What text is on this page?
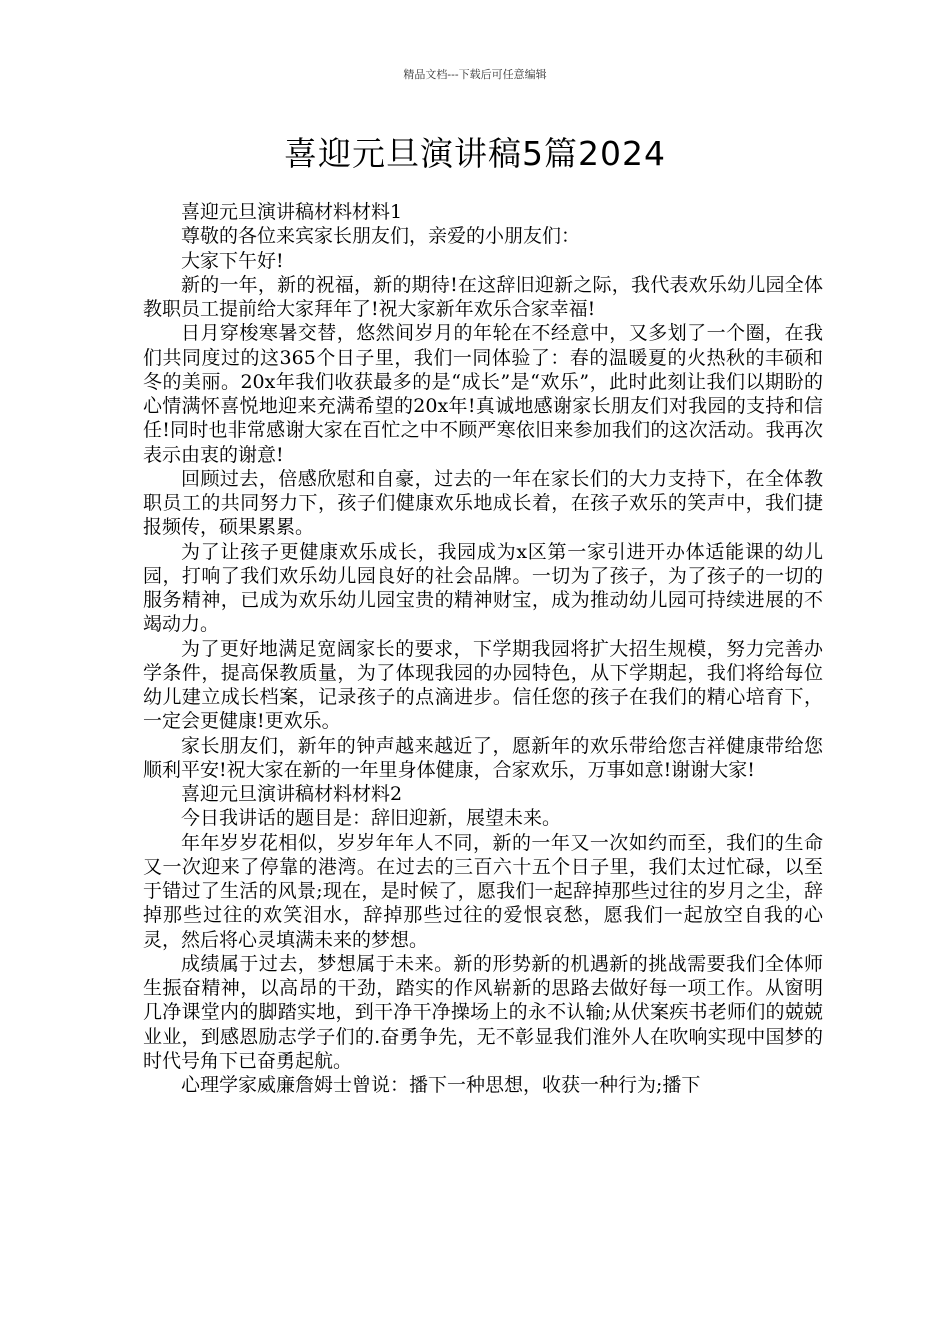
精品文档---下载后可任意编辑
喜迎元旦演讲稿5篇2024

喜迎元旦演讲稿材料材料1

尊敬的各位来宾家长朋友们，亲爱的小朋友们：

大家下午好!

新的一年，新的祝福，新的期待!在这辞旧迎新之际，我代表欢乐幼儿园全体教职员工提前给大家拜年了!祝大家新年欢乐合家幸福!

日月穿梭寒暑交替，悠然间岁月的年轮在不经意中，又多划了一个圈，在我们共同度过的这365个日子里，我们一同体验了：春的温暖夏的火热秋的丰硕和冬的美丽。20x年我们收获最多的是“成长”是“欢乐”，此时此刻让我们以期盼的心情满怀喜悦地迎来充满希望的20x年!真诚地感谢家长朋友们对我园的支持和信任!同时也非常感谢大家在百忙之中不顾严寒依旧来参加我们的这次活动。我再次表示由衷的谢意!

回顾过去，倍感欣慰和自豪，过去的一年在家长们的大力支持下，在全体教职员工的共同努力下，孩子们健康欢乐地成长着，在孩子欢乐的笑声中，我们捷报频传，硕果累累。

为了让孩子更健康欢乐成长，我园成为x区第一家引进开办体适能课的幼儿园，打响了我们欢乐幼儿园良好的社会品牌。一切为了孩子，为了孩子的一切的服务精神，已成为欢乐幼儿园宝贵的精神财宝，成为推动幼儿园可持续进展的不竭动力。

为了更好地满足宽阔家长的要求，下学期我园将扩大招生规模，努力完善办学条件，提高保教质量，为了体现我园的办园特色，从下学期起，我们将给每位幼儿建立成长档案，记录孩子的点滴进步。信任您的孩子在我们的精心培育下，一定会更健康!更欢乐。

家长朋友们，新年的钟声越来越近了，愿新年的欢乐带给您吉祥健康带给您顺利平安!祝大家在新的一年里身体健康，合家欢乐，万事如意!谢谢大家!

喜迎元旦演讲稿材料材料2

今日我讲话的题目是：辞旧迎新，展望未来。

年年岁岁花相似，岁岁年年人不同，新的一年又一次如约而至，我们的生命又一次迎来了停靠的港湾。在过去的三百六十五个日子里，我们太过忙碌，以至于错过了生活的风景;现在，是时候了，愿我们一起辞掉那些过往的岁月之尘，辞掉那些过往的欢笑泪水，辞掉那些过往的爱恨哀愁，愿我们一起放空自我的心灵，然后将心灵填满未来的梦想。

成绩属于过去，梦想属于未来。新的形势新的机遇新的挑战需要我们全体师生振奋精神，以高昂的干劲，踏实的作风崭新的思路去做好每一项工作。从窗明几净课堂内的脚踏实地，到干净干净操场上的永不认输;从伏案疾书老师们的兢兢业业，到感恩励志学子们的.奋勇争先，无不彰显我们淮外人在吹响实现中国梦的时代号角下已奋勇起航。

心理学家威廉詹姆士曾说：播下一种思想，收获一种行为;播下
